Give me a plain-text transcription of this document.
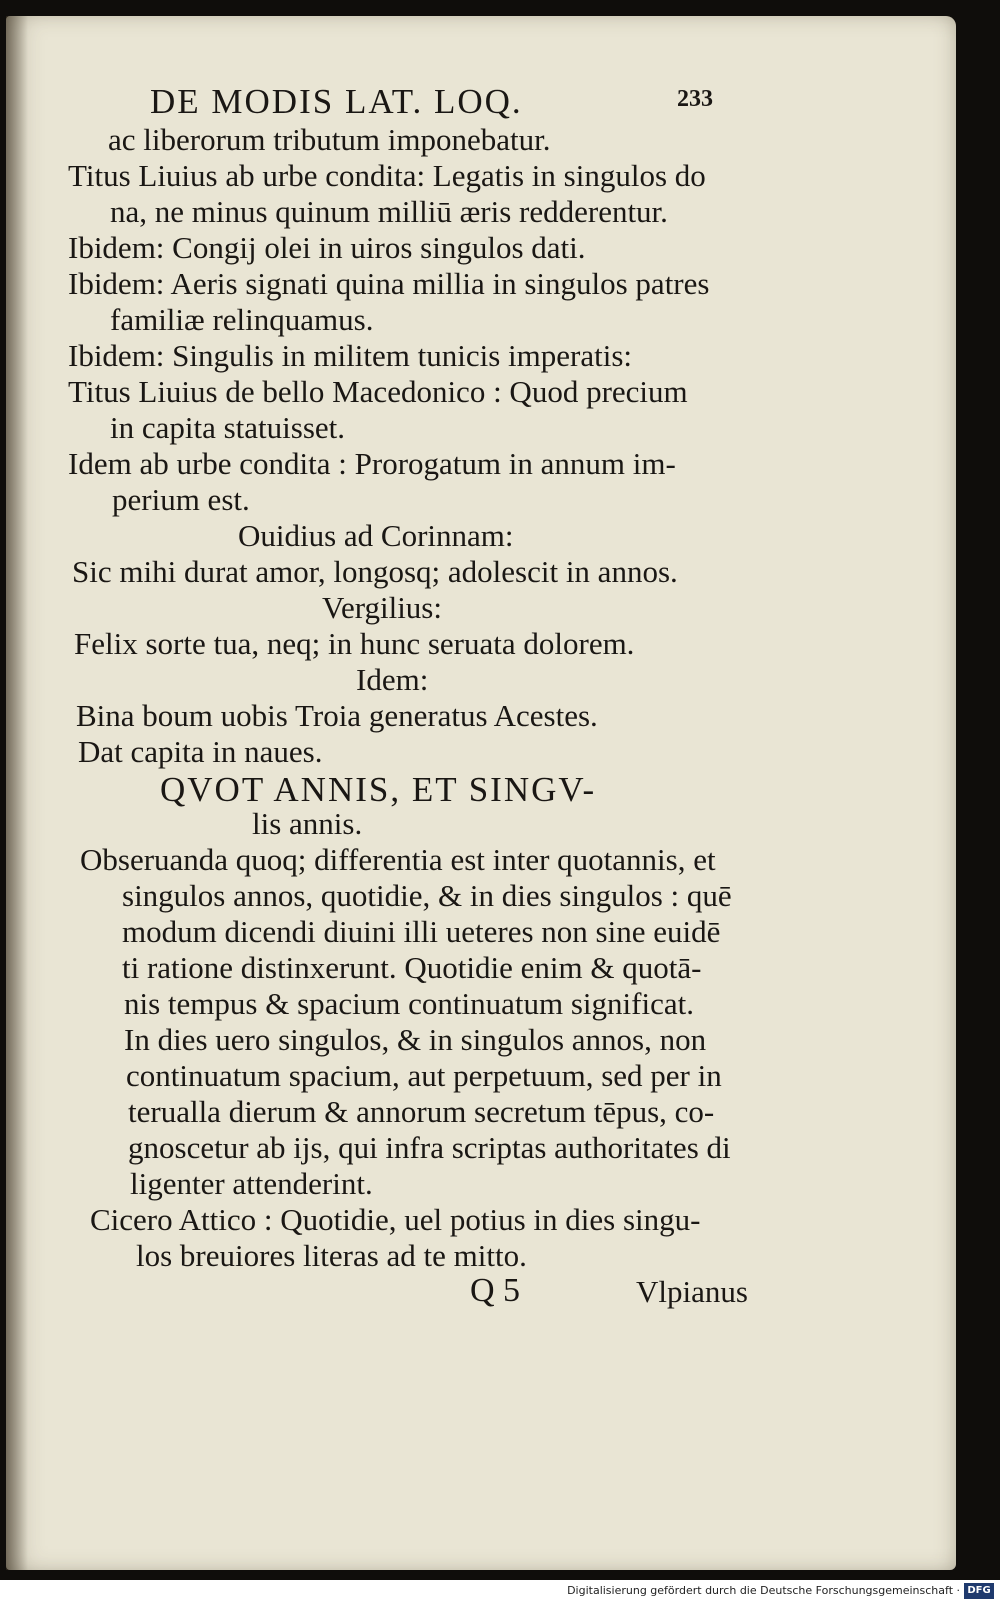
DE MODIS LAT. LOQ.	233
ac liberorum tributum imponebatur.
Titus Liuius ab urbe condita: Legatis in singulos do
na, ne minus quinum milliū æris redderentur.
Ibidem: Congij olei in uiros singulos dati.
Ibidem: Aeris signati quina millia in singulos patres
familiæ relinquamus.
Ibidem: Singulis in militem tunicis imperatis:
Titus Liuius de bello Macedonico : Quod precium
in capita statuisset.
Idem ab urbe condita : Prorogatum in annum im-
perium est.
Ouidius ad Corinnam:
Sic mihi durat amor, longosq; adolescit in annos.
Vergilius:
Felix sorte tua, neq; in hunc seruata dolorem.
Idem:
Bina boum uobis Troia generatus Acestes.
Dat capita in naues.
QVOT ANNIS, ET SINGV-
lis annis.
Obseruanda quoq; differentia est inter quotannis, et
singulos annos, quotidie, & in dies singulos : quē
modum dicendi diuini illi ueteres non sine euidē
ti ratione distinxerunt. Quotidie enim & quotā-
nis tempus & spacium continuatum significat.
In dies uero singulos, & in singulos annos, non
continuatum spacium, aut perpetuum, sed per in
terualla dierum & annorum secretum tēpus, co-
gnoscetur ab ijs, qui infra scriptas authoritates di
ligenter attenderint.
Cicero Attico : Quotidie, uel potius in dies singu-
los breuiores literas ad te mitto.
Q 5	Vlpianus
Digitalisierung gefördert durch die Deutsche Forschungsgemeinschaft · DFG
